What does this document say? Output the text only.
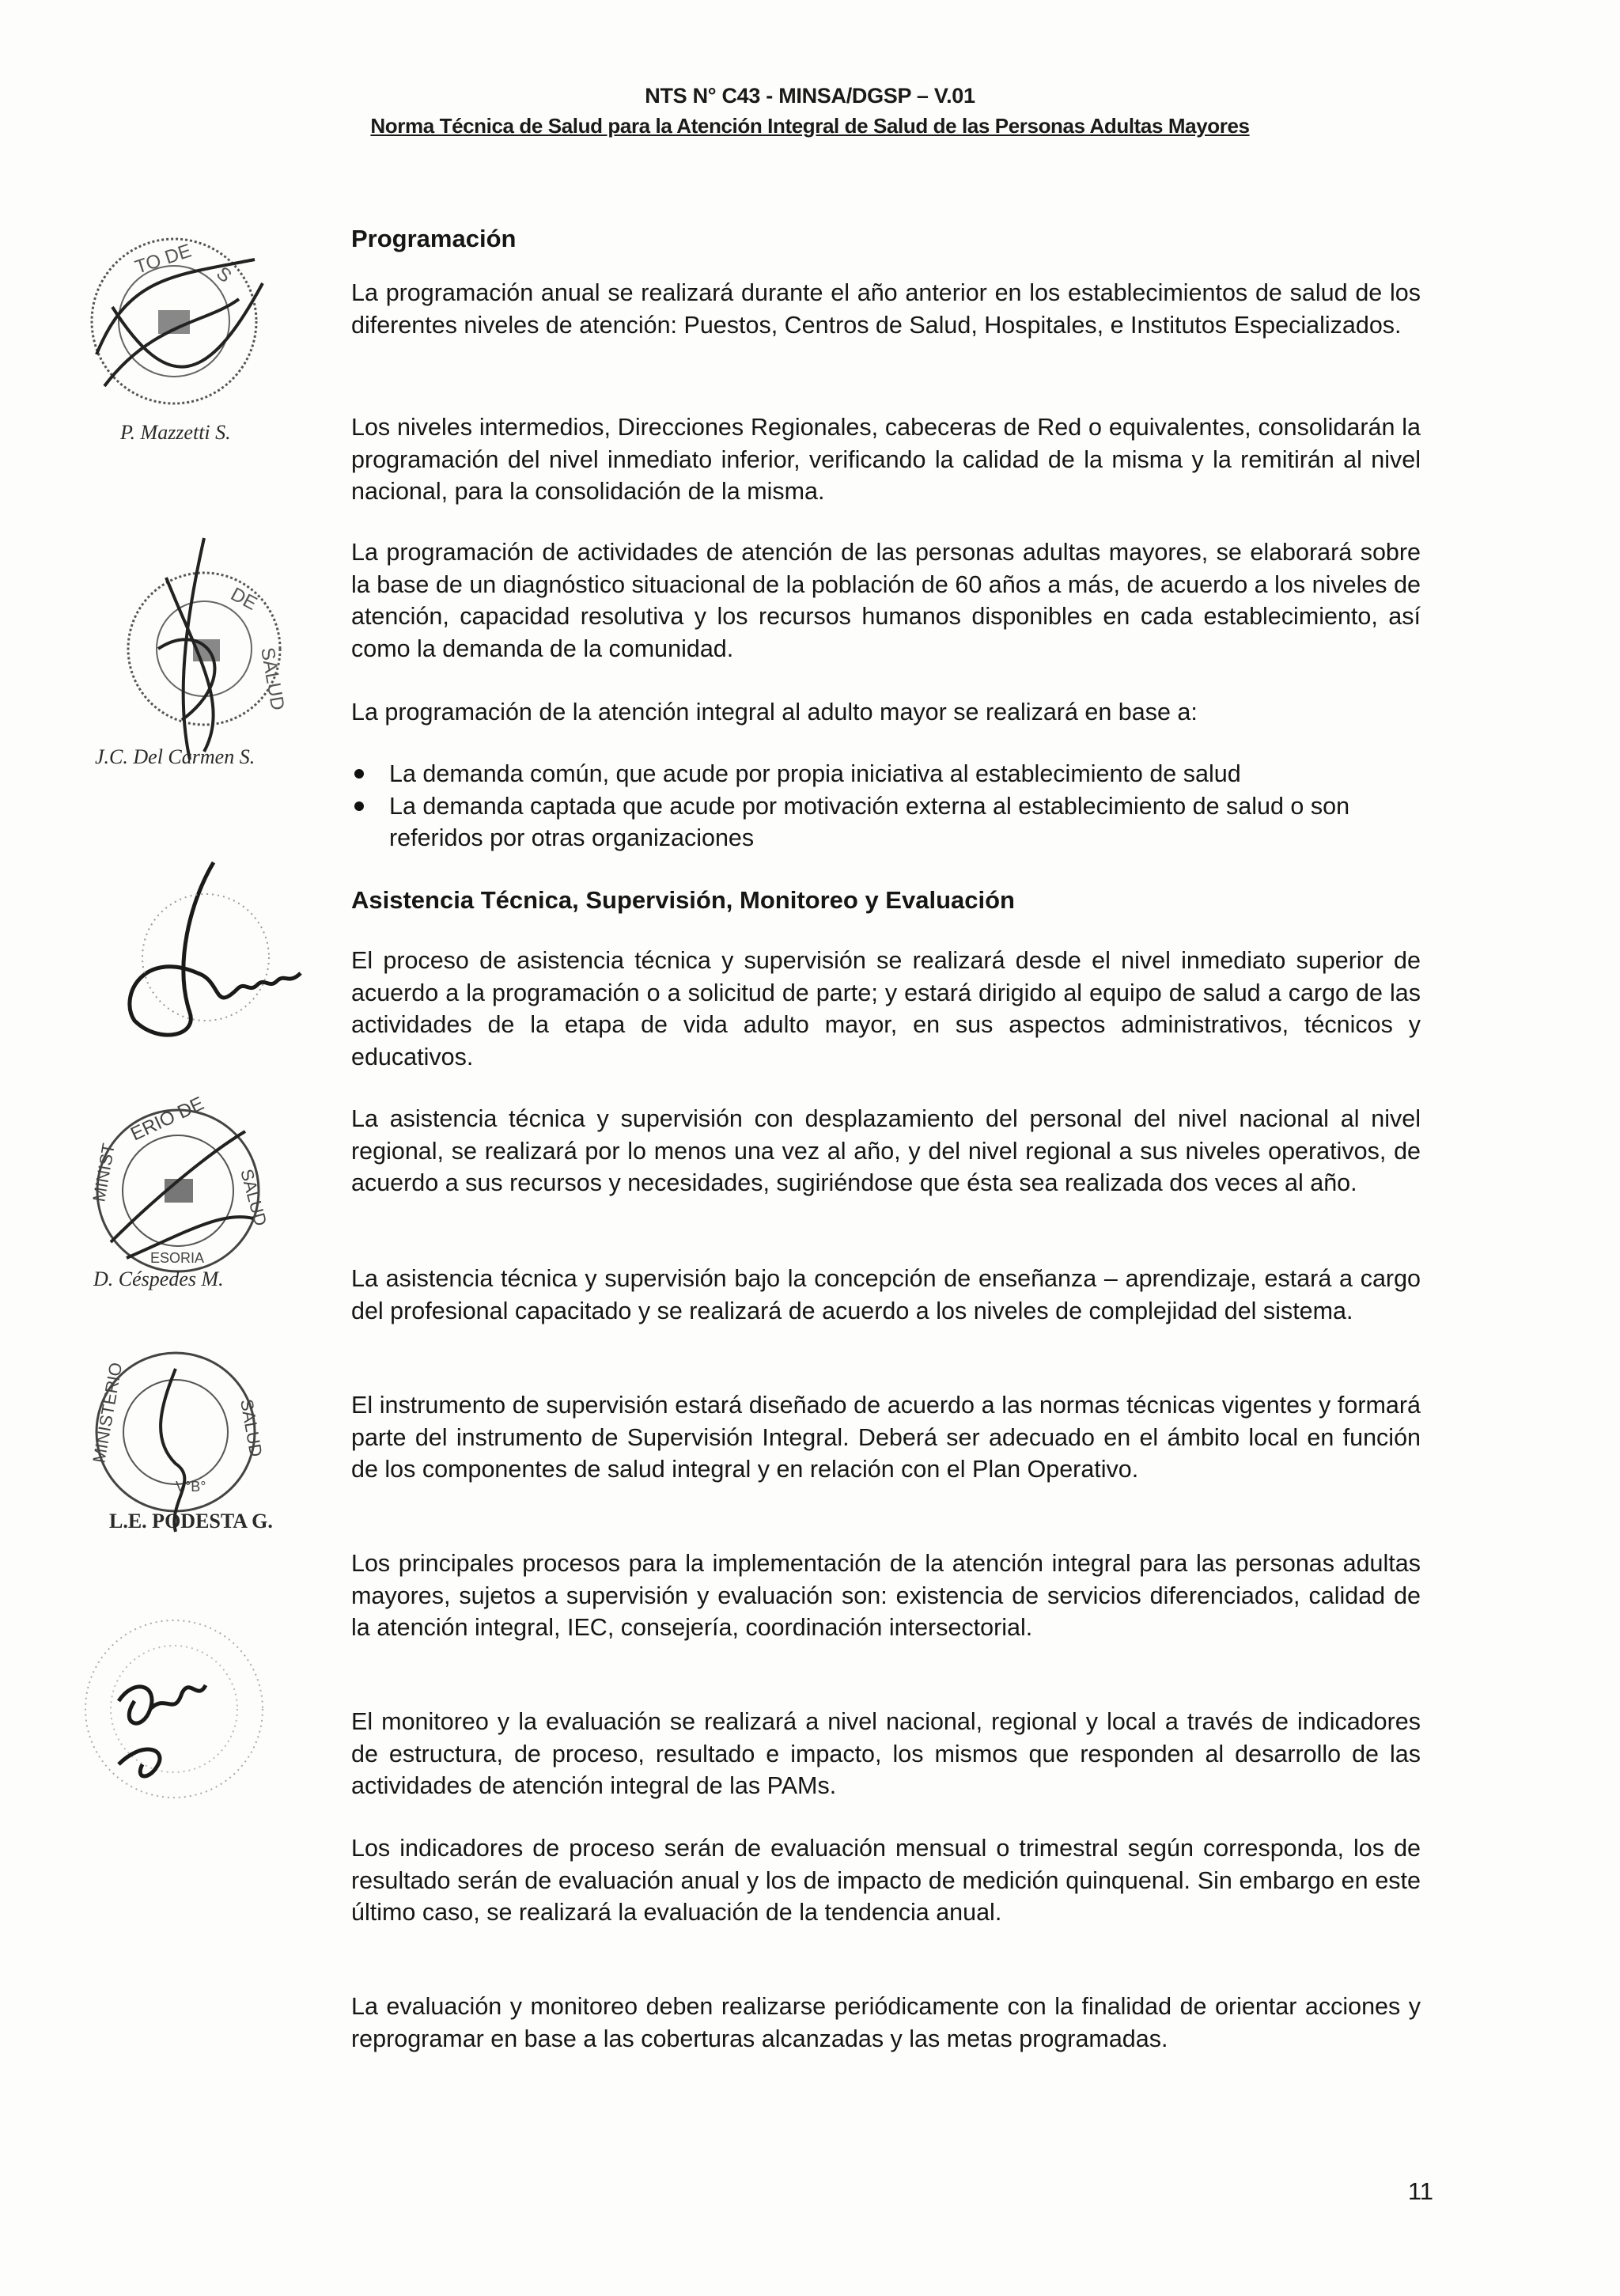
NTS N° C43 - MINSA/DGSP – V.01
Norma Técnica de Salud para la Atención Integral de Salud de las Personas Adultas Mayores
TO DE S
P. Mazzetti S.
DE
SALUD
J.C. Del Carmen S.
ERIO DE
MINIST	SALUD
ESORIA
D. Céspedes M.
MINISTERIO	SALUD
V°B°
L.E. PODESTA G.
Programación

La programación anual se realizará durante el año anterior en los establecimientos de salud de los diferentes niveles de atención: Puestos, Centros de Salud, Hospitales, e Institutos Especializados.

Los niveles intermedios, Direcciones Regionales, cabeceras de Red o equivalentes, consolidarán la programación del nivel inmediato inferior, verificando la calidad de la misma y la remitirán al nivel nacional, para la consolidación de la misma.

La programación de actividades de atención de las personas adultas mayores, se elaborará sobre la base de un diagnóstico situacional de la población de 60 años a más, de acuerdo a los niveles de atención, capacidad resolutiva y los recursos humanos disponibles en cada establecimiento, así como la demanda de la comunidad.

La programación de la atención integral al adulto mayor se realizará en base a:

La demanda común, que acude por propia iniciativa al establecimiento de salud
La demanda captada que acude por motivación externa al establecimiento de salud o son referidos por otras organizaciones
Asistencia Técnica, Supervisión, Monitoreo y Evaluación

El proceso de asistencia técnica y supervisión se realizará desde el nivel inmediato superior de acuerdo a la programación o a solicitud de parte; y estará dirigido al equipo de salud a cargo de las actividades de la etapa de vida adulto mayor, en sus aspectos administrativos, técnicos y educativos.

La asistencia técnica y supervisión con desplazamiento del personal del nivel nacional al nivel regional, se realizará por lo menos una vez al año, y del nivel regional a sus niveles operativos, de acuerdo a sus recursos y necesidades, sugiriéndose que ésta sea realizada dos veces al año.

La asistencia técnica y supervisión bajo la concepción de enseñanza – aprendizaje, estará a cargo del profesional capacitado y se realizará de acuerdo a los niveles de complejidad del sistema.

El instrumento de supervisión estará diseñado de acuerdo a las normas técnicas vigentes y formará parte del instrumento de Supervisión Integral. Deberá ser adecuado en el ámbito local en función de los componentes de salud integral y en relación con el Plan Operativo.

Los principales procesos para la implementación de la atención integral para las personas adultas mayores, sujetos a supervisión y evaluación son: existencia de servicios diferenciados, calidad de la atención integral, IEC, consejería, coordinación intersectorial.

El monitoreo y la evaluación se realizará a nivel nacional, regional y local a través de indicadores de estructura, de proceso, resultado e impacto, los mismos que responden al desarrollo de las actividades de atención integral de las PAMs.

Los indicadores de proceso serán de evaluación mensual o trimestral según corresponda, los de resultado serán de evaluación anual y los de impacto de medición quinquenal. Sin embargo en este último caso, se realizará la evaluación de la tendencia anual.

La evaluación y monitoreo deben realizarse periódicamente con la finalidad de orientar acciones y reprogramar en base a las coberturas alcanzadas y las metas programadas.

11
